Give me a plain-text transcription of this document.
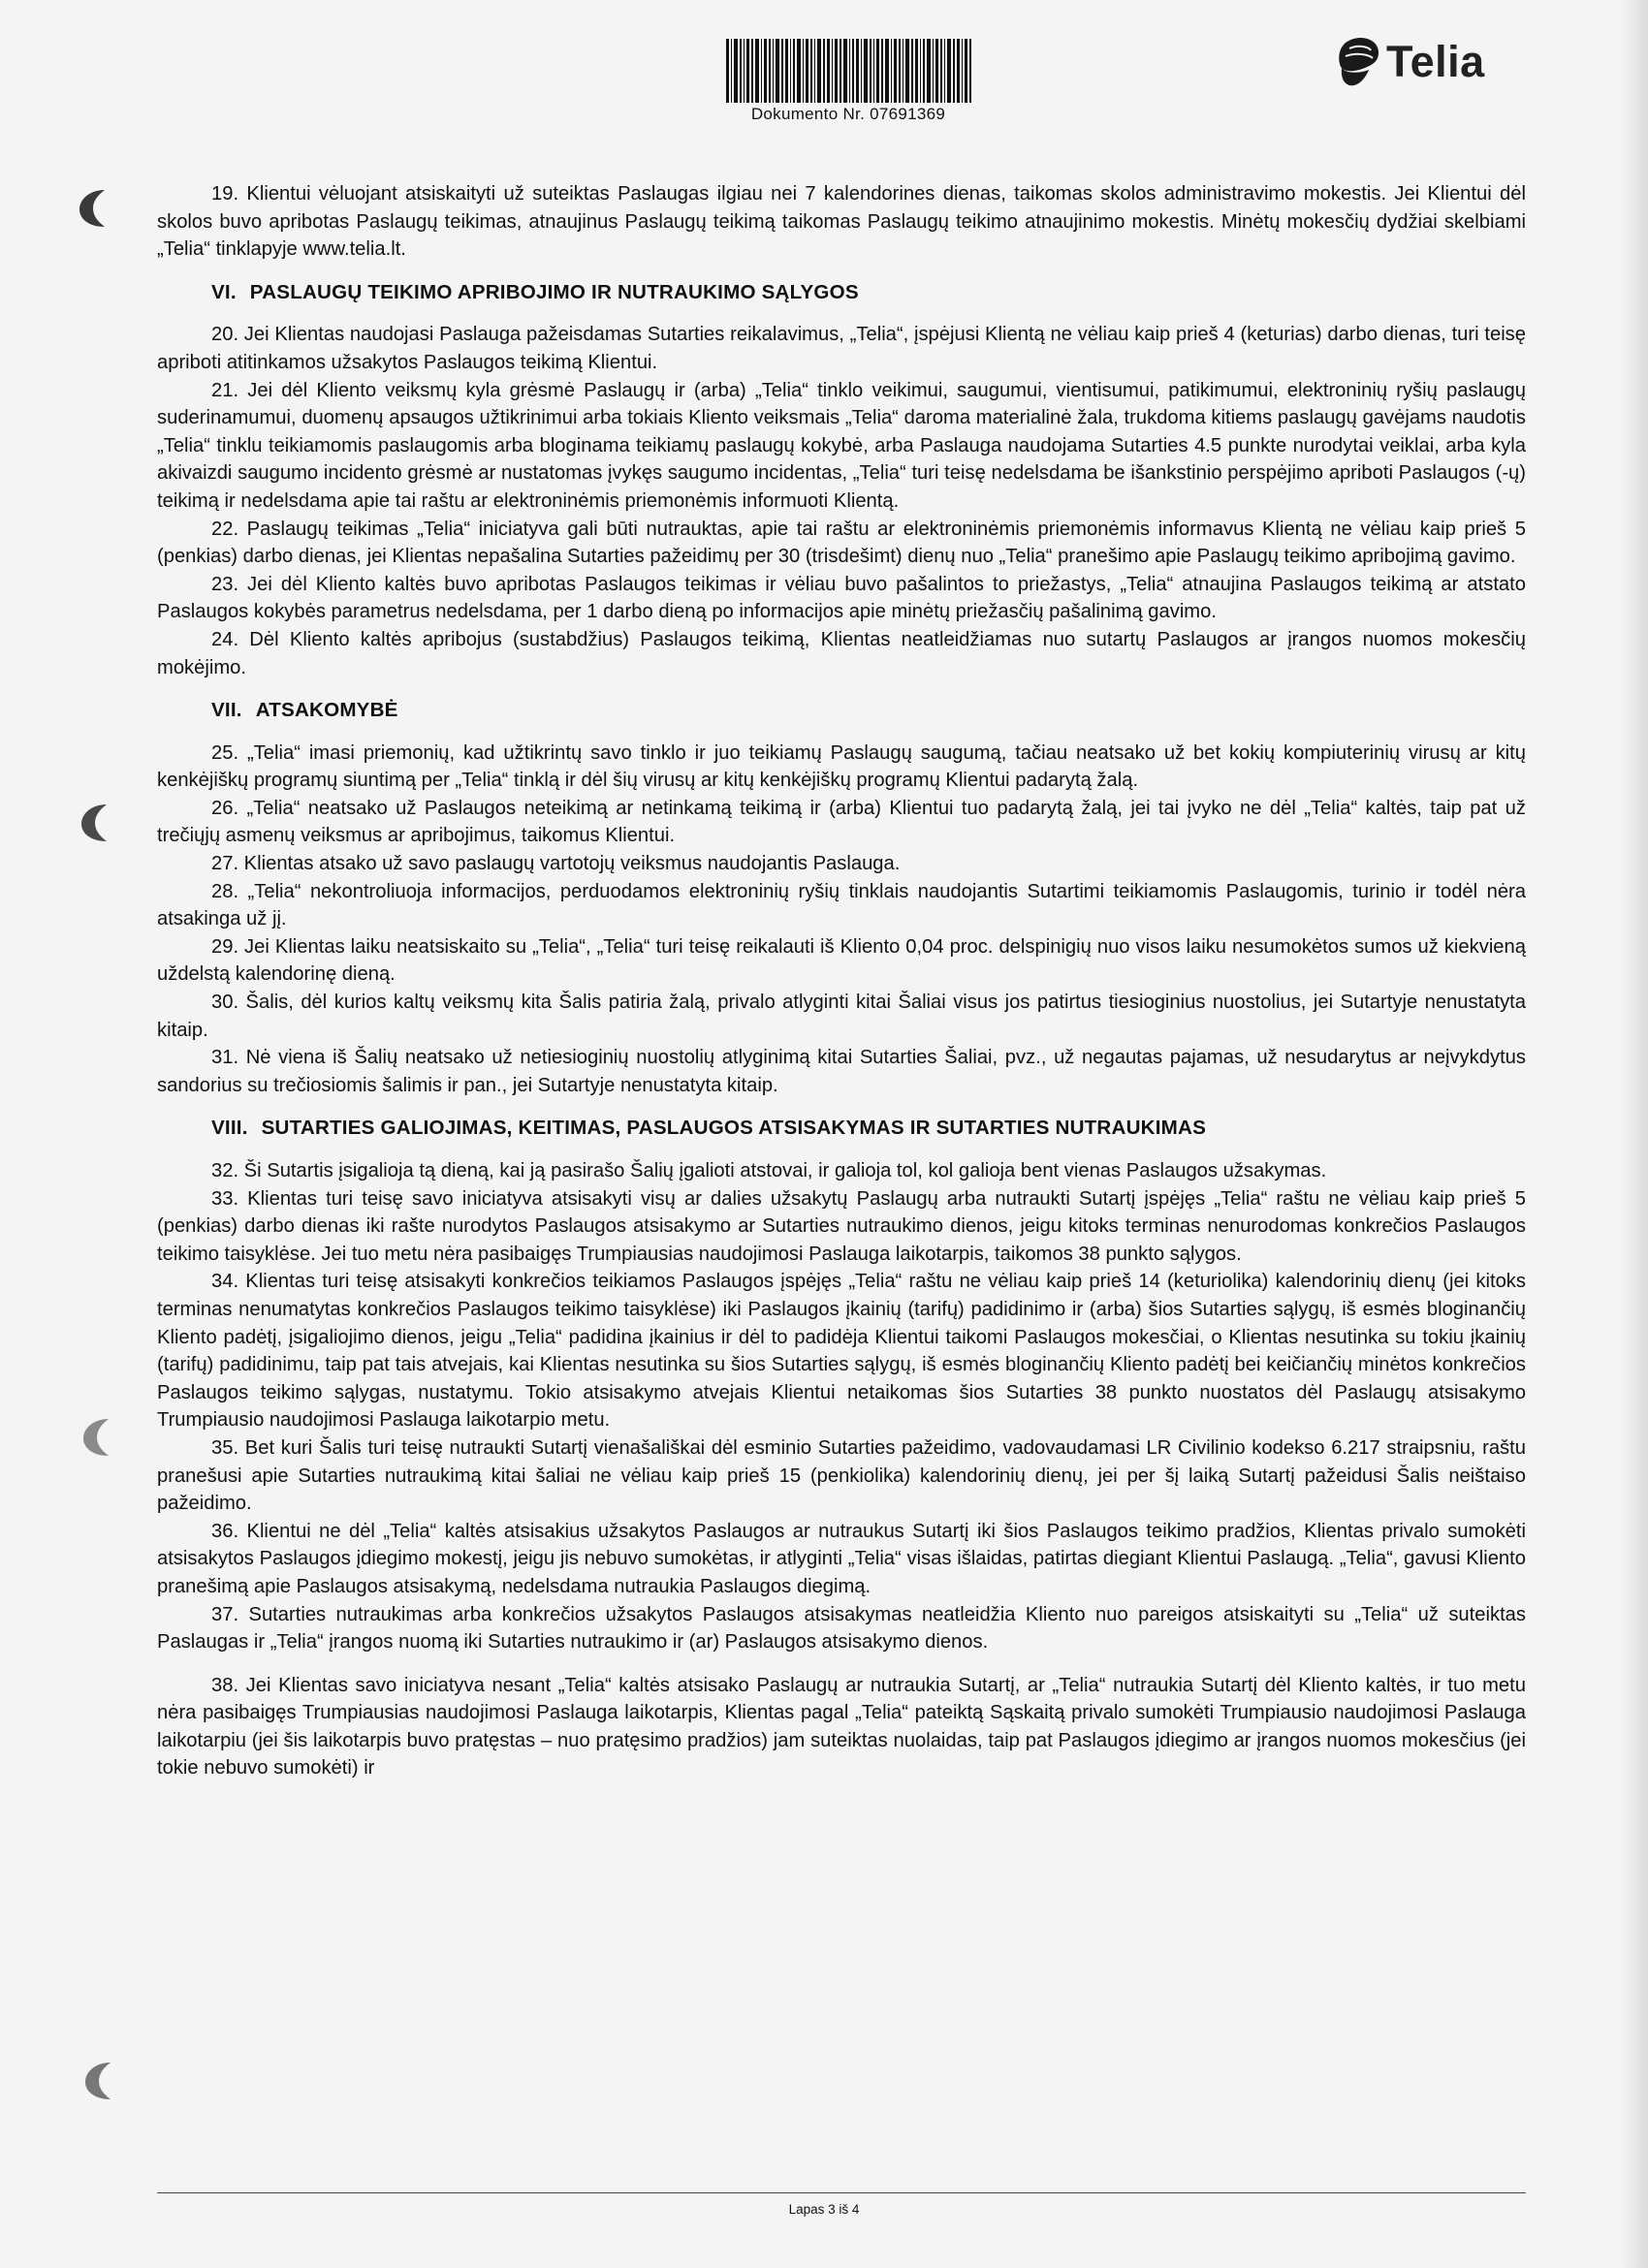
Dokumento Nr. 07691369
Telia

19. Klientui vėluojant atsiskaityti už suteiktas Paslaugas ilgiau nei 7 kalendorines dienas, taikomas skolos administravimo mokestis. Jei Klientui dėl skolos buvo apribotas Paslaugų teikimas, atnaujinus Paslaugų teikimą taikomas Paslaugų teikimo atnaujinimo mokestis. Minėtų mokesčių dydžiai skelbiami „Telia“ tinklapyje www.telia.lt.

VI. PASLAUGŲ TEIKIMO APRIBOJIMO IR NUTRAUKIMO SĄLYGOS

20. Jei Klientas naudojasi Paslauga pažeisdamas Sutarties reikalavimus, „Telia“, įspėjusi Klientą ne vėliau kaip prieš 4 (keturias) darbo dienas, turi teisę apriboti atitinkamos užsakytos Paslaugos teikimą Klientui.

21. Jei dėl Kliento veiksmų kyla grėsmė Paslaugų ir (arba) „Telia“ tinklo veikimui, saugumui, vientisumui, patikimumui, elektroninių ryšių paslaugų suderinamumui, duomenų apsaugos užtikrinimui arba tokiais Kliento veiksmais „Telia“ daroma materialinė žala, trukdoma kitiems paslaugų gavėjams naudotis „Telia“ tinklu teikiamomis paslaugomis arba bloginama teikiamų paslaugų kokybė, arba Paslauga naudojama Sutarties 4.5 punkte nurodytai veiklai, arba kyla akivaizdi saugumo incidento grėsmė ar nustatomas įvykęs saugumo incidentas, „Telia“ turi teisę nedelsdama be išankstinio perspėjimo apriboti Paslaugos (-ų) teikimą ir nedelsdama apie tai raštu ar elektroninėmis priemonėmis informuoti Klientą.

22. Paslaugų teikimas „Telia“ iniciatyva gali būti nutrauktas, apie tai raštu ar elektroninėmis priemonėmis informavus Klientą ne vėliau kaip prieš 5 (penkias) darbo dienas, jei Klientas nepašalina Sutarties pažeidimų per 30 (trisdešimt) dienų nuo „Telia“ pranešimo apie Paslaugų teikimo apribojimą gavimo.

23. Jei dėl Kliento kaltės buvo apribotas Paslaugos teikimas ir vėliau buvo pašalintos to priežastys, „Telia“ atnaujina Paslaugos teikimą ar atstato Paslaugos kokybės parametrus nedelsdama, per 1 darbo dieną po informacijos apie minėtų priežasčių pašalinimą gavimo.

24. Dėl Kliento kaltės apribojus (sustabdžius) Paslaugos teikimą, Klientas neatleidžiamas nuo sutartų Paslaugos ar įrangos nuomos mokesčių mokėjimo.

VII. ATSAKOMYBĖ

25. „Telia“ imasi priemonių, kad užtikrintų savo tinklo ir juo teikiamų Paslaugų saugumą, tačiau neatsako už bet kokių kompiuterinių virusų ar kitų kenkėjiškų programų siuntimą per „Telia“ tinklą ir dėl šių virusų ar kitų kenkėjiškų programų Klientui padarytą žalą.

26. „Telia“ neatsako už Paslaugos neteikimą ar netinkamą teikimą ir (arba) Klientui tuo padarytą žalą, jei tai įvyko ne dėl „Telia“ kaltės, taip pat už trečiųjų asmenų veiksmus ar apribojimus, taikomus Klientui.

27. Klientas atsako už savo paslaugų vartotojų veiksmus naudojantis Paslauga.

28. „Telia“ nekontroliuoja informacijos, perduodamos elektroninių ryšių tinklais naudojantis Sutartimi teikiamomis Paslaugomis, turinio ir todėl nėra atsakinga už jį.

29. Jei Klientas laiku neatsiskaito su „Telia“, „Telia“ turi teisę reikalauti iš Kliento 0,04 proc. delspinigių nuo visos laiku nesumokėtos sumos už kiekvieną uždelstą kalendorinę dieną.

30. Šalis, dėl kurios kaltų veiksmų kita Šalis patiria žalą, privalo atlyginti kitai Šaliai visus jos patirtus tiesioginius nuostolius, jei Sutartyje nenustatyta kitaip.

31. Nė viena iš Šalių neatsako už netiesioginių nuostolių atlyginimą kitai Sutarties Šaliai, pvz., už negautas pajamas, už nesudarytus ar neįvykdytus sandorius su trečiosiomis šalimis ir pan., jei Sutartyje nenustatyta kitaip.

VIII. SUTARTIES GALIOJIMAS, KEITIMAS, PASLAUGOS ATSISAKYMAS IR SUTARTIES NUTRAUKIMAS

32. Ši Sutartis įsigalioja tą dieną, kai ją pasirašo Šalių įgalioti atstovai, ir galioja tol, kol galioja bent vienas Paslaugos užsakymas.

33. Klientas turi teisę savo iniciatyva atsisakyti visų ar dalies užsakytų Paslaugų arba nutraukti Sutartį įspėjęs „Telia“ raštu ne vėliau kaip prieš 5 (penkias) darbo dienas iki rašte nurodytos Paslaugos atsisakymo ar Sutarties nutraukimo dienos, jeigu kitoks terminas nenurodomas konkrečios Paslaugos teikimo taisyklėse. Jei tuo metu nėra pasibaigęs Trumpiausias naudojimosi Paslauga laikotarpis, taikomos 38 punkto sąlygos.

34. Klientas turi teisę atsisakyti konkrečios teikiamos Paslaugos įspėjęs „Telia“ raštu ne vėliau kaip prieš 14 (keturiolika) kalendorinių dienų (jei kitoks terminas nenumatytas konkrečios Paslaugos teikimo taisyklėse) iki Paslaugos įkainių (tarifų) padidinimo ir (arba) šios Sutarties sąlygų, iš esmės bloginančių Kliento padėtį, įsigaliojimo dienos, jeigu „Telia“ padidina įkainius ir dėl to padidėja Klientui taikomi Paslaugos mokesčiai, o Klientas nesutinka su tokiu įkainių (tarifų) padidinimu, taip pat tais atvejais, kai Klientas nesutinka su šios Sutarties sąlygų, iš esmės bloginančių Kliento padėtį bei keičiančių minėtos konkrečios Paslaugos teikimo sąlygas, nustatymu. Tokio atsisakymo atvejais Klientui netaikomas šios Sutarties 38 punkto nuostatos dėl Paslaugų atsisakymo Trumpiausio naudojimosi Paslauga laikotarpio metu.

35. Bet kuri Šalis turi teisę nutraukti Sutartį vienašališkai dėl esminio Sutarties pažeidimo, vadovaudamasi LR Civilinio kodekso 6.217 straipsniu, raštu pranešusi apie Sutarties nutraukimą kitai šaliai ne vėliau kaip prieš 15 (penkiolika) kalendorinių dienų, jei per šį laiką Sutartį pažeidusi Šalis neištaiso pažeidimo.

36. Klientui ne dėl „Telia“ kaltės atsisakius užsakytos Paslaugos ar nutraukus Sutartį iki šios Paslaugos teikimo pradžios, Klientas privalo sumokėti atsisakytos Paslaugos įdiegimo mokestį, jeigu jis nebuvo sumokėtas, ir atlyginti „Telia“ visas išlaidas, patirtas diegiant Klientui Paslaugą. „Telia“, gavusi Kliento pranešimą apie Paslaugos atsisakymą, nedelsdama nutraukia Paslaugos diegimą.

37. Sutarties nutraukimas arba konkrečios užsakytos Paslaugos atsisakymas neatleidžia Kliento nuo pareigos atsiskaityti su „Telia“ už suteiktas Paslaugas ir „Telia“ įrangos nuomą iki Sutarties nutraukimo ir (ar) Paslaugos atsisakymo dienos.

38. Jei Klientas savo iniciatyva nesant „Telia“ kaltės atsisako Paslaugų ar nutraukia Sutartį, ar „Telia“ nutraukia Sutartį dėl Kliento kaltės, ir tuo metu nėra pasibaigęs Trumpiausias naudojimosi Paslauga laikotarpis, Klientas pagal „Telia“ pateiktą Sąskaitą privalo sumokėti Trumpiausio naudojimosi Paslauga laikotarpiu (jei šis laikotarpis buvo pratęstas – nuo pratęsimo pradžios) jam suteiktas nuolaidas, taip pat Paslaugos įdiegimo ar įrangos nuomos mokesčius (jei tokie nebuvo sumokėti) ir

Lapas 3 iš 4
